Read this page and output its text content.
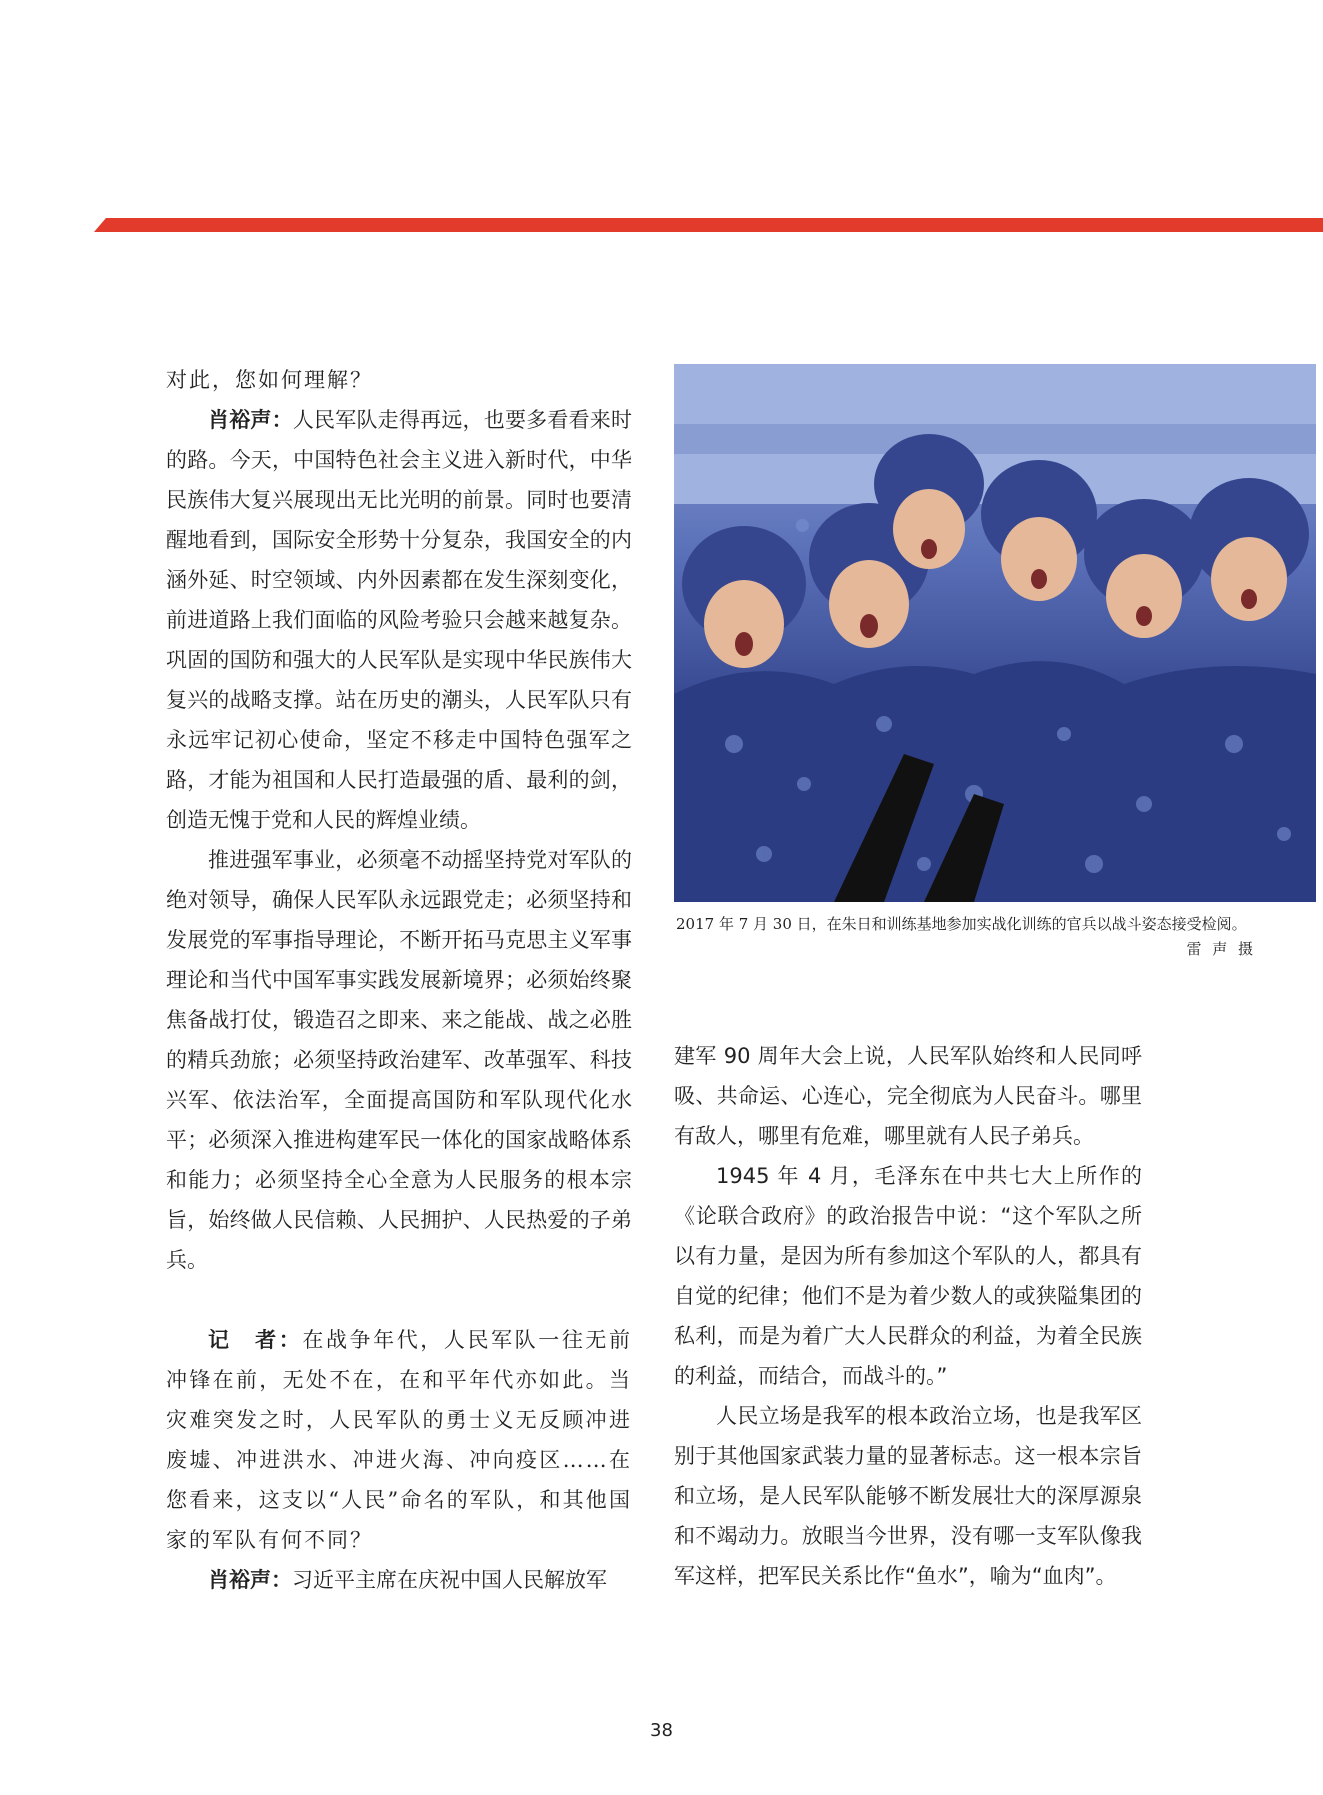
对此，您如何理解？

肖裕声：人民军队走得再远，也要多看看来时的路。今天，中国特色社会主义进入新时代，中华民族伟大复兴展现出无比光明的前景。同时也要清醒地看到，国际安全形势十分复杂，我国安全的内涵外延、时空领域、内外因素都在发生深刻变化，前进道路上我们面临的风险考验只会越来越复杂。巩固的国防和强大的人民军队是实现中华民族伟大复兴的战略支撑。站在历史的潮头，人民军队只有永远牢记初心使命，坚定不移走中国特色强军之路，才能为祖国和人民打造最强的盾、最利的剑，创造无愧于党和人民的辉煌业绩。

推进强军事业，必须毫不动摇坚持党对军队的绝对领导，确保人民军队永远跟党走；必须坚持和发展党的军事指导理论，不断开拓马克思主义军事理论和当代中国军事实践发展新境界；必须始终聚焦备战打仗，锻造召之即来、来之能战、战之必胜的精兵劲旅；必须坚持政治建军、改革强军、科技兴军、依法治军，全面提高国防和军队现代化水平；必须深入推进构建军民一体化的国家战略体系和能力；必须坚持全心全意为人民服务的根本宗旨，始终做人民信赖、人民拥护、人民热爱的子弟兵。

记　者：在战争年代，人民军队一往无前冲锋在前，无处不在，在和平年代亦如此。当灾难突发之时，人民军队的勇士义无反顾冲进废墟、冲进洪水、冲进火海、冲向疫区……在您看来，这支以“人民”命名的军队，和其他国家的军队有何不同？

肖裕声：习近平主席在庆祝中国人民解放军

2017 年 7 月 30 日，在朱日和训练基地参加实战化训练的官兵以战斗姿态接受检阅。
雷 声 摄

建军 90 周年大会上说，人民军队始终和人民同呼吸、共命运、心连心，完全彻底为人民奋斗。哪里有敌人，哪里有危难，哪里就有人民子弟兵。

1945 年 4 月，毛泽东在中共七大上所作的《论联合政府》的政治报告中说：“这个军队之所以有力量，是因为所有参加这个军队的人，都具有自觉的纪律；他们不是为着少数人的或狭隘集团的私利，而是为着广大人民群众的利益，为着全民族的利益，而结合，而战斗的。”

人民立场是我军的根本政治立场，也是我军区别于其他国家武装力量的显著标志。这一根本宗旨和立场，是人民军队能够不断发展壮大的深厚源泉和不竭动力。放眼当今世界，没有哪一支军队像我军这样，把军民关系比作“鱼水”，喻为“血肉”。

38
